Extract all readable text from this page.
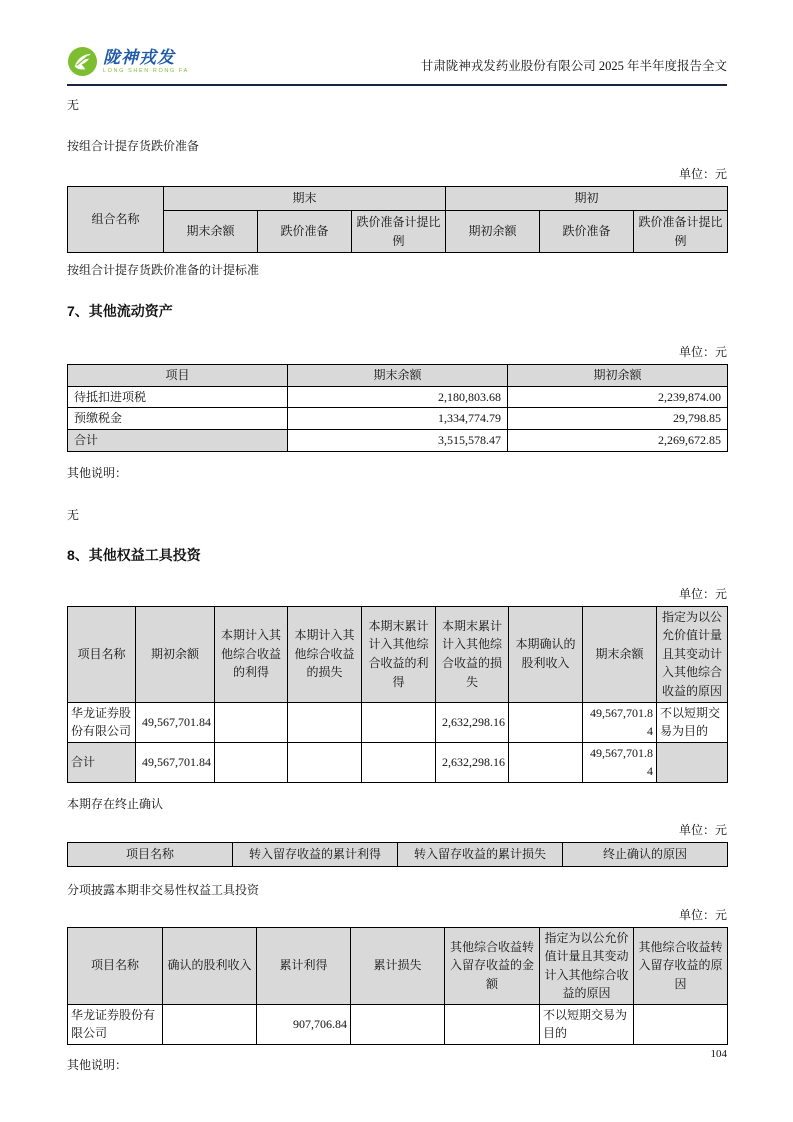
陇神戎发
LONG SHEN RONG FA	甘肃陇神戎发药业股份有限公司 2025 年半年度报告全文
无
按组合计提存货跌价准备
单位：元
组合名称	期末			期初		
	期末余额	跌价准备	跌价准备计提比例	期初余额	跌价准备	跌价准备计提比例
按组合计提存货跌价准备的计提标准
7、其他流动资产
单位：元
项目	期末余额	期初余额
待抵扣进项税	2,180,803.68	2,239,874.00
预缴税金	1,334,774.79	29,798.85
合计	3,515,578.47	2,269,672.85
其他说明：
无
8、其他权益工具投资
单位：元
项目名称	期初余额	本期计入其他综合收益的利得	本期计入其他综合收益的损失	本期末累计计入其他综合收益的利得	本期末累计计入其他综合收益的损失	本期确认的股利收入	期末余额	指定为以公允价值计量且其变动计入其他综合收益的原因
华龙证券股份有限公司	49,567,701.84				2,632,298.16		49,567,701.84	不以短期交易为目的
合计	49,567,701.84				2,632,298.16		49,567,701.84	
本期存在终止确认
单位：元
项目名称	转入留存收益的累计利得	转入留存收益的累计损失	终止确认的原因
分项披露本期非交易性权益工具投资
单位：元
项目名称	确认的股利收入	累计利得	累计损失	其他综合收益转入留存收益的金额	指定为以公允价值计量且其变动计入其他综合收益的原因	其他综合收益转入留存收益的原因
华龙证券股份有限公司		907,706.84			不以短期交易为目的	
其他说明：
104
